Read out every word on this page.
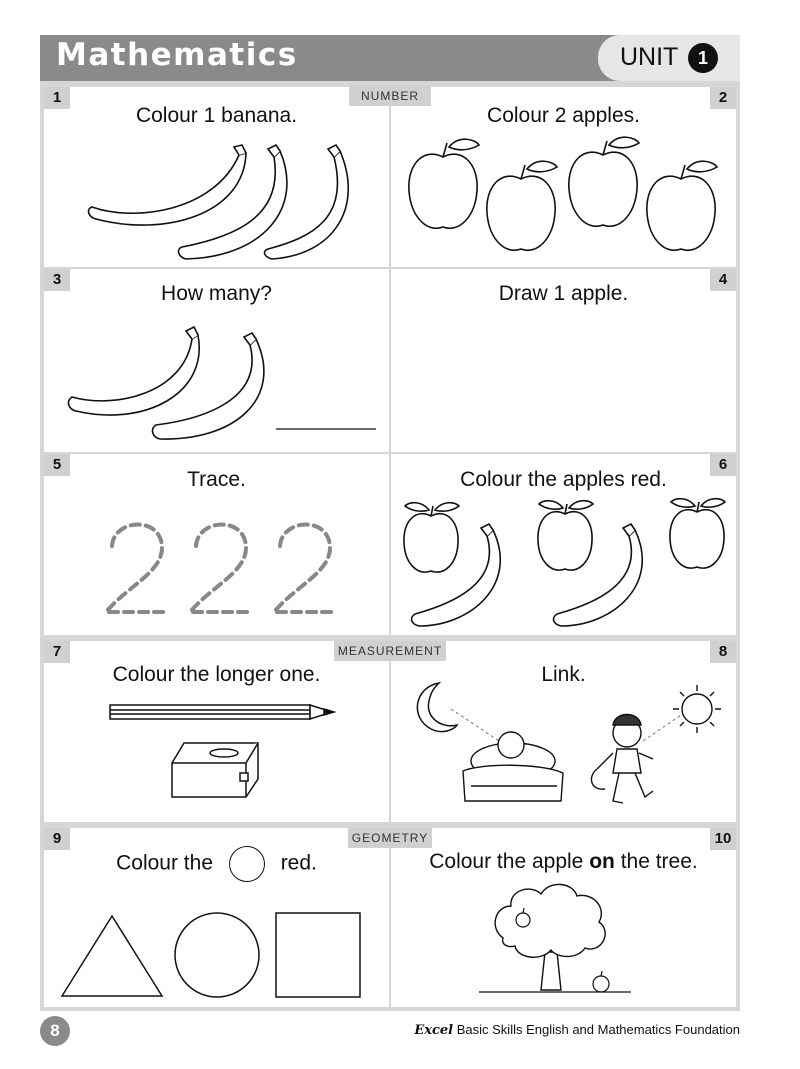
Mathematics	UNIT	1
1
Colour 1 banana.
2
Colour 2 apples.
3
How many?
4
Draw 1 apple.
5
Trace.
6
Colour the apples red.
7
Colour the longer one.
8
Link.
9
Colour the	red.
10
Colour the apple on the tree.
NUMBER
MEASUREMENT
GEOMETRY
8	Excel Basic Skills English and Mathematics Foundation
